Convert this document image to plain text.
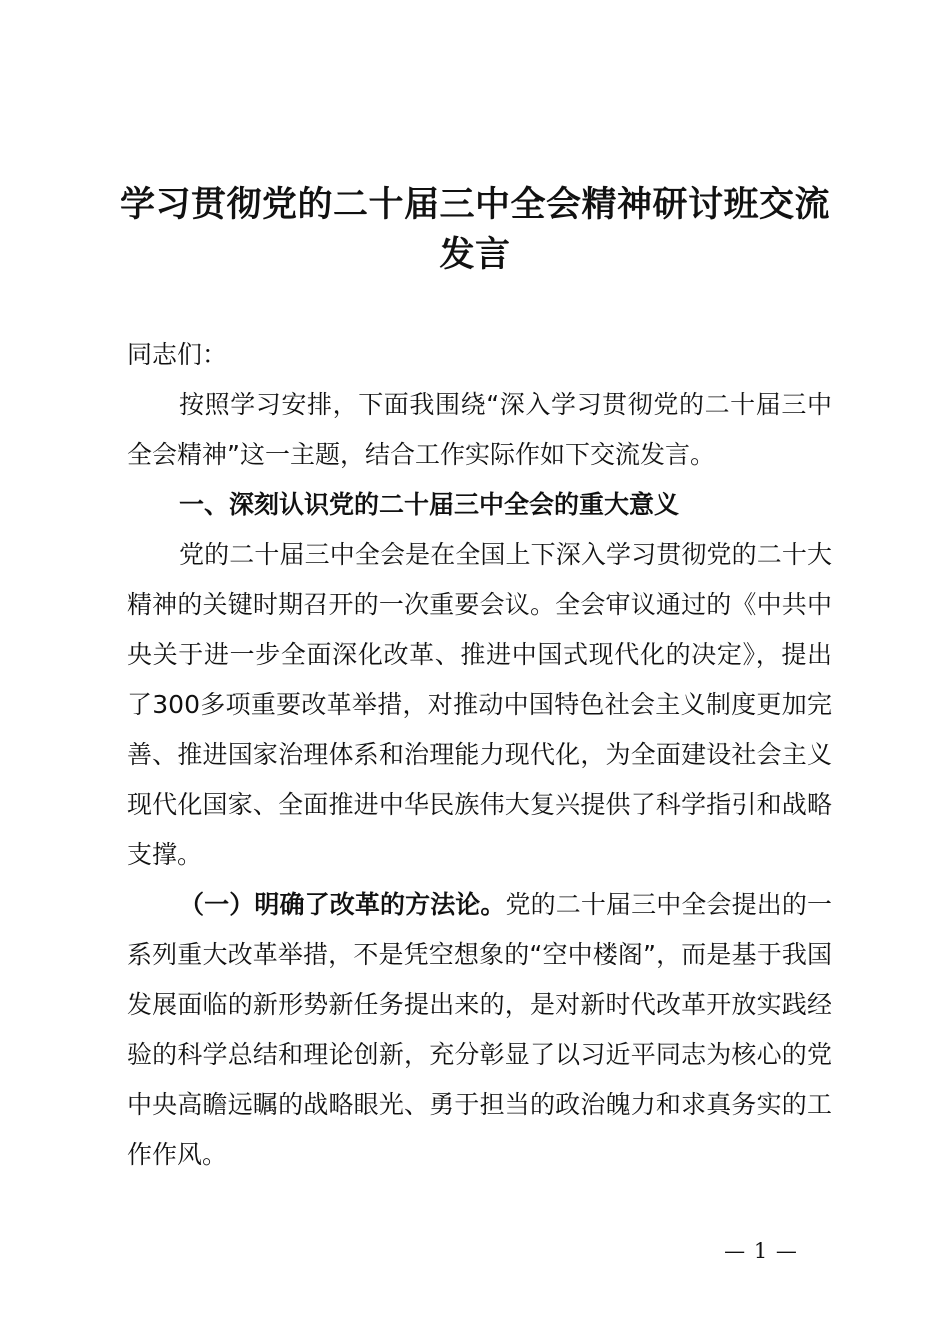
学习贯彻党的二十届三中全会精神研讨班交流发言

同志们：

按照学习安排，下面我围绕“深入学习贯彻党的二十届三中全会精神”这一主题，结合工作实际作如下交流发言。

一、深刻认识党的二十届三中全会的重大意义

党的二十届三中全会是在全国上下深入学习贯彻党的二十大精神的关键时期召开的一次重要会议。全会审议通过的《中共中央关于进一步全面深化改革、推进中国式现代化的决定》，提出了300多项重要改革举措，对推动中国特色社会主义制度更加完善、推进国家治理体系和治理能力现代化，为全面建设社会主义现代化国家、全面推进中华民族伟大复兴提供了科学指引和战略支撑。

（一）明确了改革的方法论。党的二十届三中全会提出的一系列重大改革举措，不是凭空想象的“空中楼阁”，而是基于我国发展面临的新形势新任务提出来的，是对新时代改革开放实践经验的科学总结和理论创新，充分彰显了以习近平同志为核心的党中央高瞻远瞩的战略眼光、勇于担当的政治魄力和求真务实的工作作风。

— 1 —
